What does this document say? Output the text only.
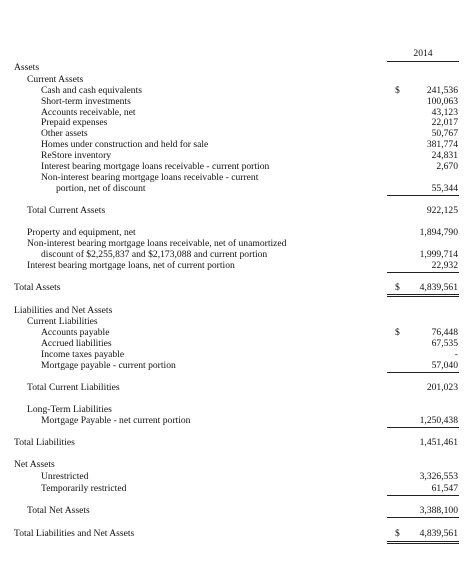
2014
Assets
Current Assets
Cash and cash equivalents	$	241,536
Short-term investments	100,063
Accounts receivable, net	43,123
Prepaid expenses	22,017
Other assets	50,767
Homes under construction and held for sale	381,774
ReStore inventory	24,831
Interest bearing mortgage loans receivable - current portion	2,670
Non-interest bearing mortgage loans receivable - current
portion, net of discount	55,344
Total Current Assets	922,125
Property and equipment, net	1,894,790
Non-interest bearing mortgage loans receivable, net of unamortized
discount of $2,255,837 and $2,173,088 and current portion	1,999,714
Interest bearing mortgage loans, net of current portion	22,932
Total Assets	$ 4,839,561
Liabilities and Net Assets
Current Liabilities
Accounts payable	$	76,448
Accrued liabilities	67,535
Income taxes payable	-
Mortgage payable - current portion	57,040
Total Current Liabilities	201,023
Long-Term Liabilities
Mortgage Payable - net current portion	1,250,438
Total Liabilities	1,451,461
Net Assets
Unrestricted	3,326,553
Temporarily restricted	61,547
Total Net Assets	3,388,100
Total Liabilities and Net Assets	$ 4,839,561
